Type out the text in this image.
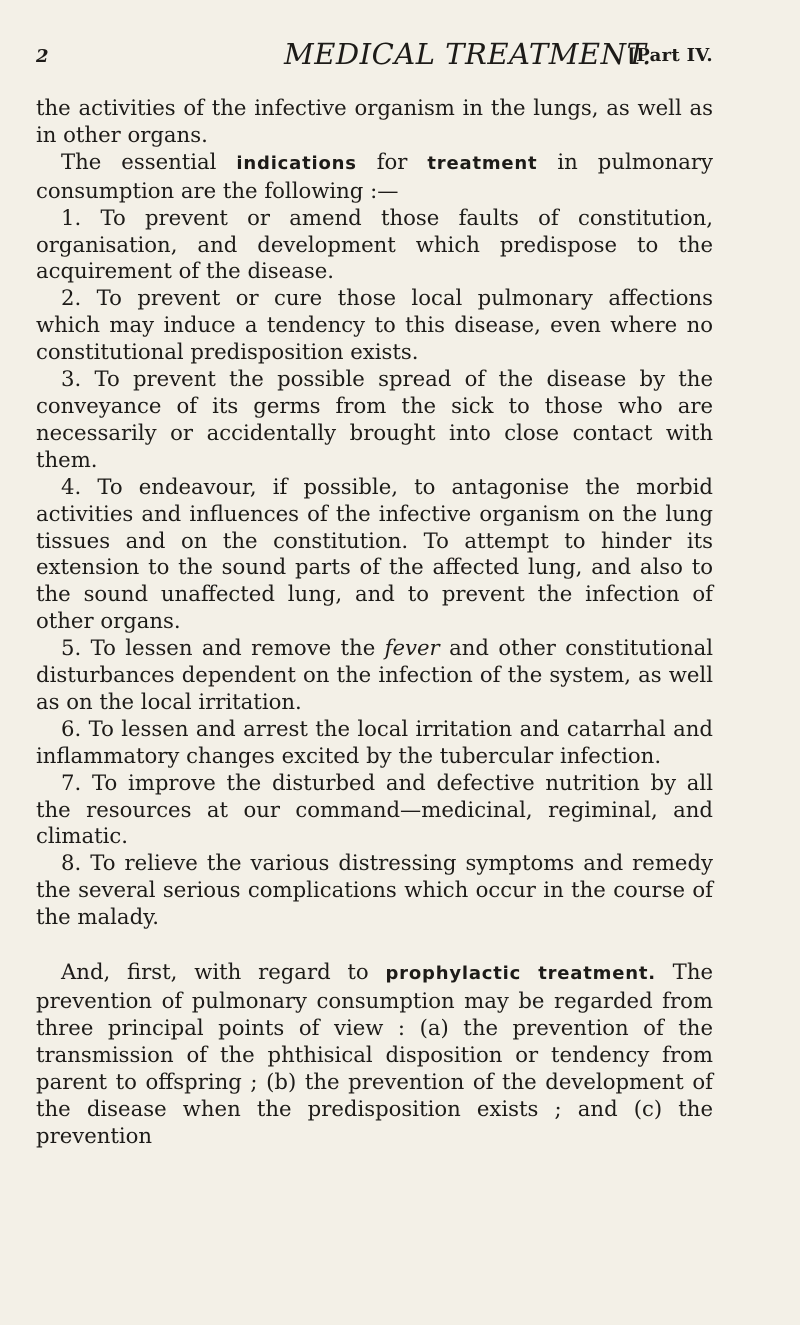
2	MEDICAL TREATMENT.
[Part IV.

the activities of the infective organism in the lungs, as well as in other organs.

The essential indications for treatment in pulmonary consumption are the following :—

1. To prevent or amend those faults of constitution, organisation, and development which predispose to the acquirement of the disease.

2. To prevent or cure those local pulmonary affections which may induce a tendency to this disease, even where no constitutional predisposition exists.

3. To prevent the possible spread of the disease by the conveyance of its germs from the sick to those who are necessarily or accidentally brought into close contact with them.

4. To endeavour, if possible, to antagonise the morbid activities and influences of the infective organism on the lung tissues and on the constitution. To attempt to hinder its extension to the sound parts of the affected lung, and also to the sound unaffected lung, and to prevent the infection of other organs.

5. To lessen and remove the fever and other constitutional disturbances dependent on the infection of the system, as well as on the local irritation.

6. To lessen and arrest the local irritation and catarrhal and inflammatory changes excited by the tubercular infection.

7. To improve the disturbed and defective nutrition by all the resources at our command—medicinal, regiminal, and climatic.

8. To relieve the various distressing symptoms and remedy the several serious complications which occur in the course of the malady.

And, first, with regard to prophylactic treatment. The prevention of pulmonary consumption may be regarded from three principal points of view : (a) the prevention of the transmission of the phthisical disposition or tendency from parent to offspring ; (b) the prevention of the development of the disease when the predisposition exists ; and (c) the prevention
